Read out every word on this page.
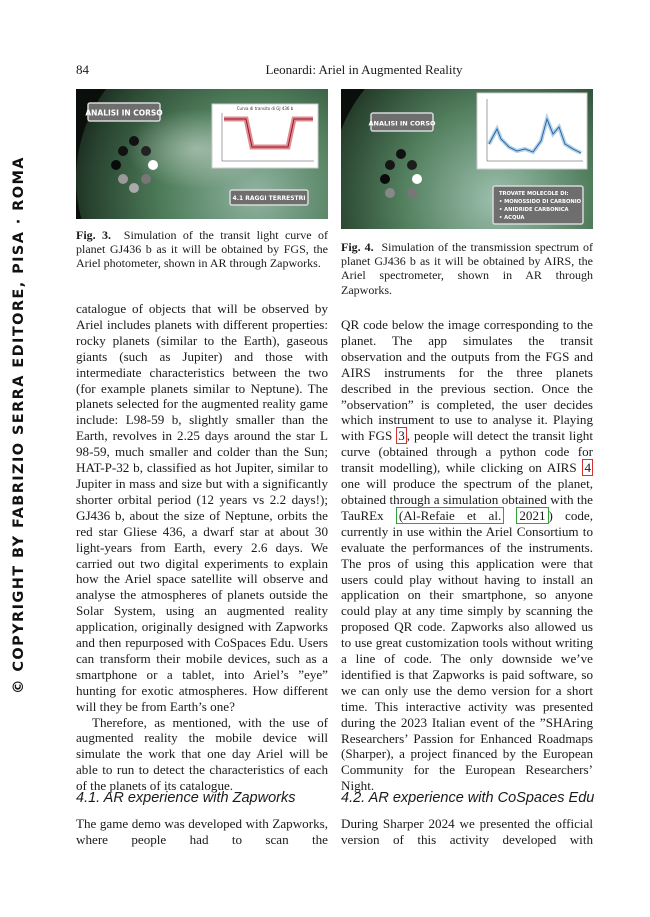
© COPYRIGHT BY FABRIZIO SERRA EDITORE, PISA · ROMA
84	Leonardi: Ariel in Augmented Reality
ANALISI IN CORSO	Curva di transito di GJ 436 b
4.1 RAGGI TERRESTRI
Fig. 3. Simulation of the transit light curve of planet GJ436 b as it will be obtained by FGS, the Ariel photometer, shown in AR through Zapworks.
ANALISI IN CORSO
TROVATE MOLECOLE DI:
• MONOSSIDO DI CARBONIO
• ANIDRIDE CARBONICA
• ACQUA
Fig. 4. Simulation of the transmission spectrum of planet GJ436 b as it will be obtained by AIRS, the Ariel spectrometer, shown in AR through Zapworks.

catalogue of objects that will be observed by Ariel includes planets with different properties: rocky planets (similar to the Earth), gaseous giants (such as Jupiter) and those with intermediate characteristics between the two (for example planets similar to Neptune). The planets selected for the augmented reality game include: L98-59 b, slightly smaller than the Earth, revolves in 2.25 days around the star L 98-59, much smaller and colder than the Sun; HAT-P-32 b, classified as hot Jupiter, similar to Jupiter in mass and size but with a significantly shorter orbital period (12 years vs 2.2 days!); GJ436 b, about the size of Neptune, orbits the red star Gliese 436, a dwarf star at about 30 light-years from Earth, every 2.6 days. We carried out two digital experiments to explain how the Ariel space satellite will observe and analyse the atmospheres of planets outside the Solar System, using an augmented reality application, originally designed with Zapworks and then repurposed with CoSpaces Edu. Users can transform their mobile devices, such as a smartphone or a tablet, into Ariel’s ”eye” hunting for exotic atmospheres. How different will they be from Earth’s one?

Therefore, as mentioned, with the use of augmented reality the mobile device will simulate the work that one day Ariel will be able to run to detect the characteristics of each of the planets of its catalogue.

4.1. AR experience with Zapworks

The game demo was developed with Zapworks, where people had to scan the

QR code below the image corresponding to the planet. The app simulates the transit observation and the outputs from the FGS and AIRS instruments for the three planets described in the previous section. Once the ”observation” is completed, the user decides which instrument to use to analyse it. Playing with FGS 3 , people will detect the transit light curve (obtained through a python code for transit modelling), while clicking on AIRS 4 one will produce the spectrum of the planet, obtained through a simulation obtained with the TauREx (Al-Refaie et al. 2021 ) code, currently in use within the Ariel Consortium to evaluate the performances of the instruments. The pros of using this application were that users could play without having to install an application on their smartphone, so anyone could play at any time simply by scanning the proposed QR code. Zapworks also allowed us to use great customization tools without writing a line of code. The only downside we’ve identified is that Zapworks is paid software, so we can only use the demo version for a short time. This interactive activity was presented during the 2023 Italian event of the ”SHAring Researchers’ Passion for Enhanced Roadmaps (Sharper), a project financed by the European Community for the European Researchers’ Night.

4.2. AR experience with CoSpaces Edu

During Sharper 2024 we presented the official version of this activity developed with
